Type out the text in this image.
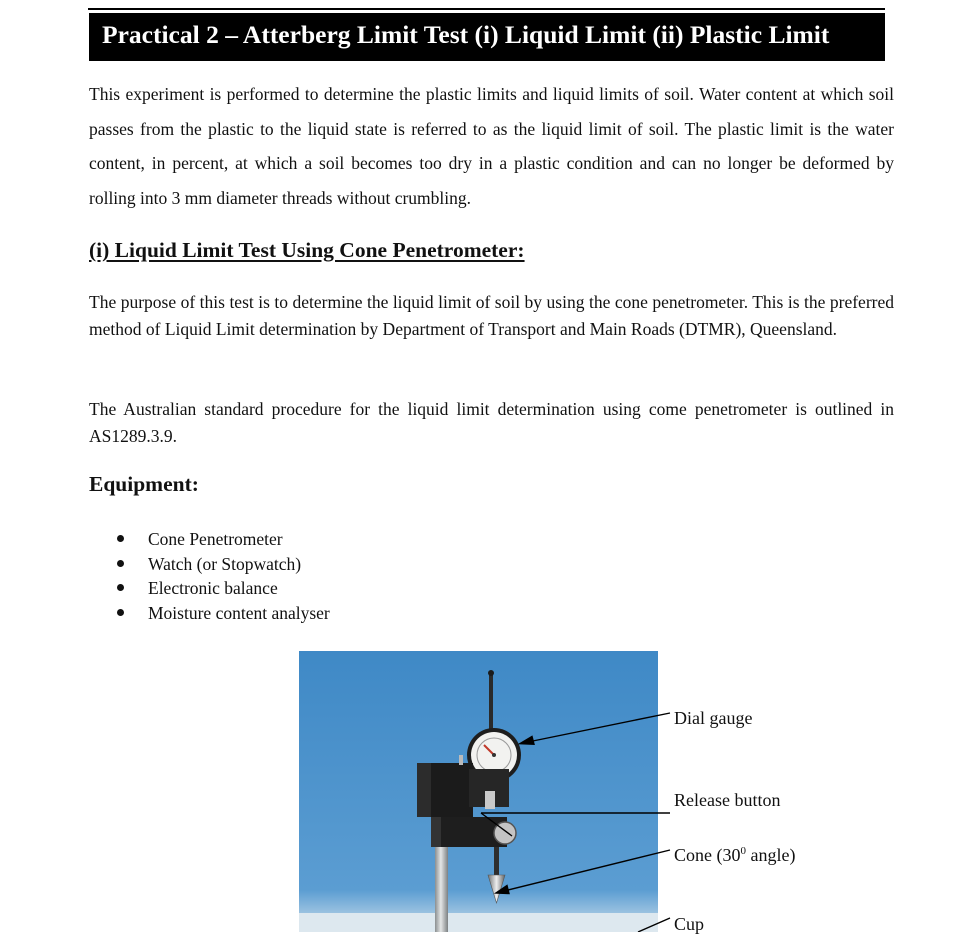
Practical 2 – Atterberg Limit Test (i) Liquid Limit (ii) Plastic Limit

This experiment is performed to determine the plastic limits and liquid limits of soil. Water content at which soil passes from the plastic to the liquid state is referred to as the liquid limit of soil. The plastic limit is the water content, in percent, at which a soil becomes too dry in a plastic condition and can no longer be deformed by rolling into 3 mm diameter threads without crumbling.

(i) Liquid Limit Test Using Cone Penetrometer:

The purpose of this test is to determine the liquid limit of soil by using the cone penetrometer. This is the preferred method of Liquid Limit determination by Department of Transport and Main Roads (DTMR), Queensland.

The Australian standard procedure for the liquid limit determination using come penetrometer is outlined in AS1289.3.9.

Equipment:
Cone Penetrometer
Watch (or Stopwatch)
Electronic balance
Moisture content analyser
Dial gauge
Release button
Cone ($30^0$ angle)
Cup
